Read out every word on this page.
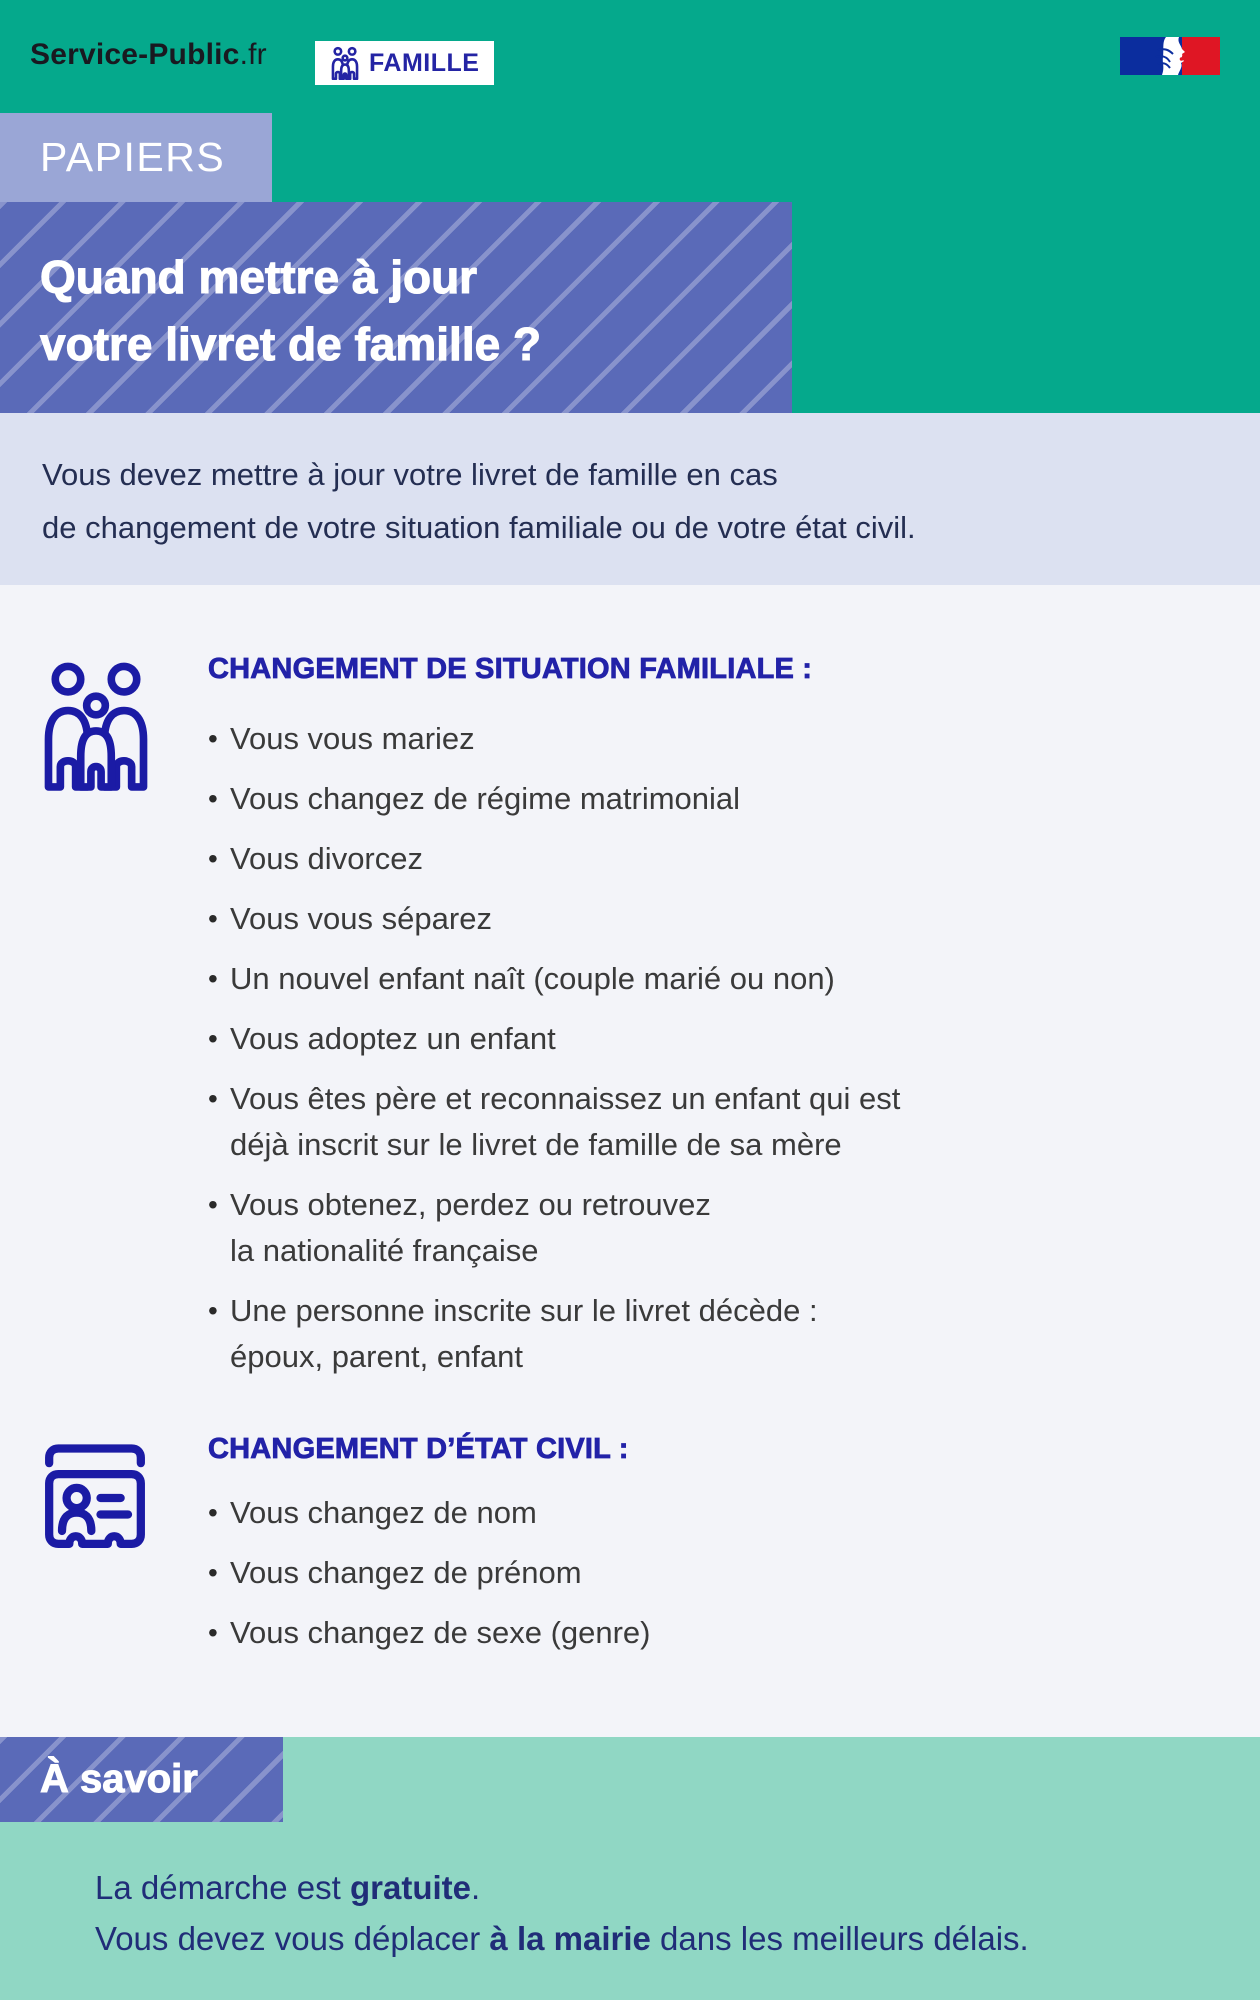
Service-Public.fr	FAMILLE
PAPIERS
Quand mettre à jour
votre livret de famille ?
Vous devez mettre à jour votre livret de famille en cas
de changement de votre situation familiale ou de votre état civil.
CHANGEMENT DE SITUATION FAMILIALE :
• Vous vous mariez
• Vous changez de régime matrimonial
• Vous divorcez
• Vous vous séparez
• Un nouvel enfant naît (couple marié ou non)
• Vous adoptez un enfant
• Vous êtes père et reconnaissez un enfant qui est
déjà inscrit sur le livret de famille de sa mère
• Vous obtenez, perdez ou retrouvez
la nationalité française
• Une personne inscrite sur le livret décède :
époux, parent, enfant
CHANGEMENT D’ÉTAT CIVIL :
• Vous changez de nom
• Vous changez de prénom
• Vous changez de sexe (genre)
À savoir
La démarche est gratuite.
Vous devez vous déplacer à la mairie dans les meilleurs délais.
